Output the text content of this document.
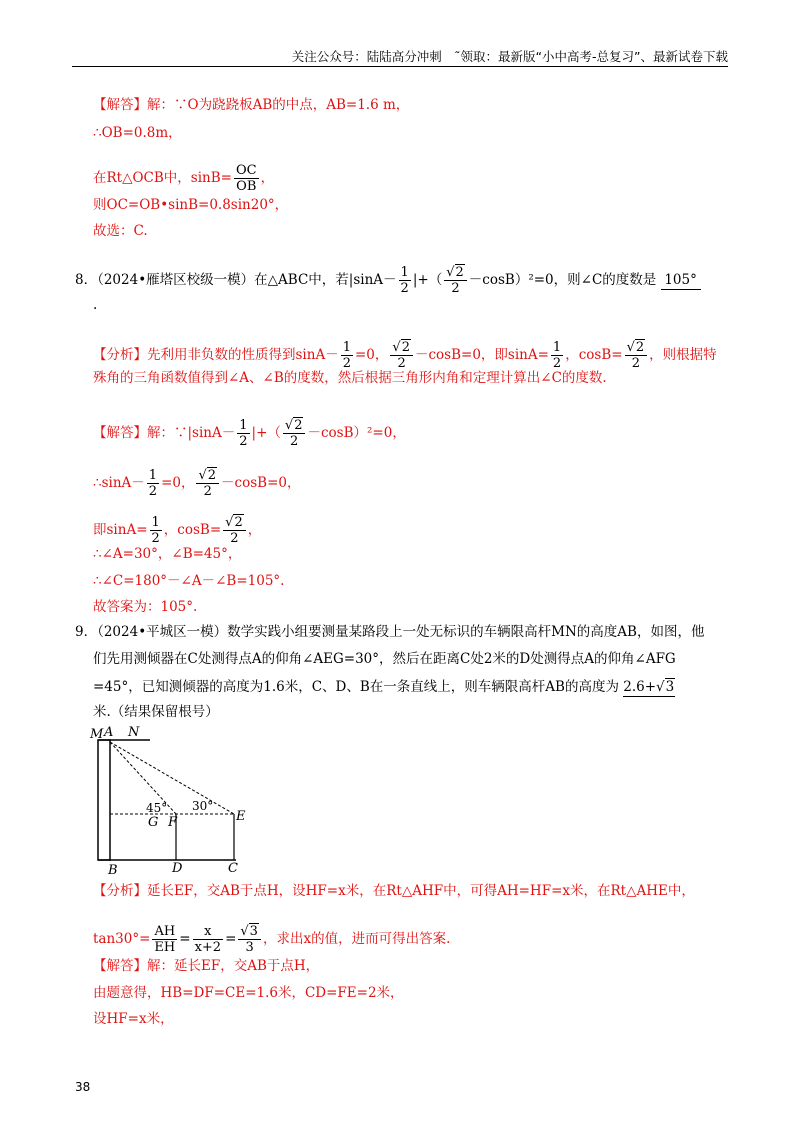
关注公众号：陆陆高分冲刺　˜领取：最新版“小中高考-总复习”、最新试卷下载
【解答】解：∵O为跷跷板AB的中点，AB=1.6 m，
∴OB=0.8m，
在Rt△OCB中，$\sin B= \frac{OC}{OB}$ ，
则OC=OB•sinB=0.8sin20°，
故选：C.
8．（2024•雁塔区校级一模）在△ABC中，若$|\sin A- \frac{1}{2}$ |+（ $\frac{√2}{2} -\cos B)^2=0$，则∠C的度数是 105°
.
【分析】先利用非负数的性质得到$\sin A- \frac{1}{2} =0$， $\frac{√2}{2} -\cos B=0$，即$\sin A= \frac{1}{2}$ ，$\cos B= \frac{√2}{2}$ ，则根据特
殊角的三角函数值得到∠A、∠B的度数，然后根据三角形内角和定理计算出∠C的度数.
【解答】解：∵|sinA－ $\frac{1}{2}$ |+（ $\frac{√2}{2} -\cos B)^2=0$，
∴sinA－ $\frac{1}{2} =0$， $\frac{√2}{2} -\cos B=0$，
即$\sin A= \frac{1}{2}$ ，$\cos B= \frac{√2}{2}$ ，
∴∠A=30°，∠B=45°，
∴∠C=180°－∠A－∠B=105°.
故答案为：105°.
9．（2024•平城区一模）数学实践小组要测量某路段上一处无标识的车辆限高杆MN的高度AB，如图，他
们先用测倾器在C处测得点A的仰角∠AEG=30°，然后在距离C处2米的D处测得点A的仰角∠AFG
=45°，已知测倾器的高度为1.6米，C、D、B在一条直线上，则车辆限高杆AB的高度为 2.6+√3
米.（结果保留根号）
M A N
45° 30°
G F	E
B	D	C
【分析】延长EF，交AB于点H，设HF=x米，在Rt△AHF中，可得AH=HF=x米，在Rt△AHE中，
$\tan 30^\circ= \frac{AH}{EH} = \frac{x}{x+2} = \frac{√3}{3}$ ，求出x的值，进而可得出答案.
【解答】解：延长EF，交AB于点H，
由题意得，HB=DF=CE=1.6米，CD=FE=2米，
设HF=x米，
38
